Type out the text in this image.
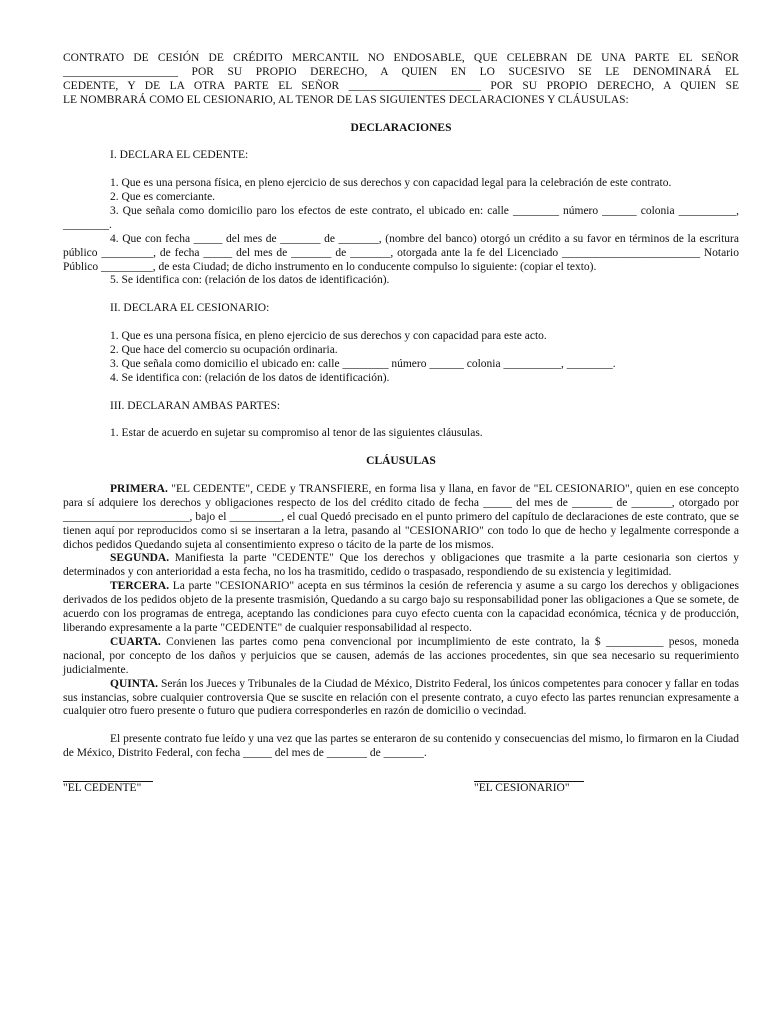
CONTRATO DE CESIÓN DE CRÉDITO MERCANTIL NO ENDOSABLE, QUE CELEBRAN DE UNA PARTE EL SEÑOR

____________________ POR SU PROPIO DERECHO, A QUIEN EN LO SUCESIVO SE LE DENOMINARÁ EL

CEDENTE, Y DE LA OTRA PARTE EL SEÑOR _______________________ POR SU PROPIO DERECHO, A QUIEN SE

LE NOMBRARÁ COMO EL CESIONARIO, AL TENOR DE LAS SIGUIENTES DECLARACIONES Y CLÁUSULAS:

DECLARACIONES

I. DECLARA EL CEDENTE:

1. Que es una persona física, en pleno ejercicio de sus derechos y con capacidad legal para la celebración de este contrato.

2. Que es comerciante.

3. Que señala como domicilio paro los efectos de este contrato, el ubicado en: calle ________ número ______ colonia __________, ________.

4. Que con fecha _____ del mes de _______ de _______, (nombre del banco) otorgó un crédito a su favor en términos de la escritura público _________, de fecha _____ del mes de _______ de _______, otorgada ante la fe del Licenciado ________________________ Notario Público _________, de esta Ciudad; de dicho instrumento en lo conducente compulso lo siguiente: (copiar el texto).

5. Se identifica con: (relación de los datos de identificación).

II. DECLARA EL CESIONARIO:

1. Que es una persona física, en pleno ejercicio de sus derechos y con capacidad para este acto.

2. Que hace del comercio su ocupación ordinaria.

3. Que señala como domicilio el ubicado en: calle ________ número ______ colonia __________, ________.

4. Se identifica con: (relación de los datos de identificación).

III. DECLARAN AMBAS PARTES:

1. Estar de acuerdo en sujetar su compromiso al tenor de las siguientes cláusulas.

CLÁUSULAS

PRIMERA. "EL CEDENTE", CEDE y TRANSFIERE, en forma lisa y llana, en favor de "EL CESIONARIO", quien en ese concepto para sí adquiere los derechos y obligaciones respecto de los del crédito citado de fecha _____ del mes de _______ de _______, otorgado por ______________________, bajo el _________, el cual Quedó precisado en el punto primero del capítulo de declaraciones de este contrato, que se tienen aquí por reproducidos como si se insertaran a la letra, pasando al "CESIONARIO" con todo lo que de hecho y legalmente corresponde a dichos pedidos Quedando sujeta al consentimiento expreso o tácito de la parte de los mismos.

SEGUNDA. Manifiesta la parte "CEDENTE" Que los derechos y obligaciones que trasmite a la parte cesionaria son ciertos y determinados y con anterioridad a esta fecha, no los ha trasmitido, cedido o traspasado, respondiendo de su existencia y legitimidad.

TERCERA. La parte "CESIONARIO" acepta en sus términos la cesión de referencia y asume a su cargo los derechos y obligaciones derivados de los pedidos objeto de la presente trasmisión, Quedando a su cargo bajo su responsabilidad poner las obligaciones a Que se somete, de acuerdo con los programas de entrega, aceptando las condiciones para cuyo efecto cuenta con la capacidad económica, técnica y de producción, liberando expresamente a la parte "CEDENTE" de cualquier responsabilidad al respecto.

CUARTA. Convienen las partes como pena convencional por incumplimiento de este contrato, la $ __________ pesos, moneda nacional, por concepto de los daños y perjuicios que se causen, además de las acciones procedentes, sin que sea necesario su requerimiento judicialmente.

QUINTA. Serán los Jueces y Tribunales de la Ciudad de México, Distrito Federal, los únicos competentes para conocer y fallar en todas sus instancias, sobre cualquier controversia Que se suscite en relación con el presente contrato, a cuyo efecto las partes renuncian expresamente a cualquier otro fuero presente o futuro que pudiera corresponderles en razón de domicilio o vecindad.

El presente contrato fue leído y una vez que las partes se enteraron de su contenido y consecuencias del mismo, lo firmaron en la Ciudad de México, Distrito Federal, con fecha _____ del mes de _______ de _______.

"EL CEDENTE"	"EL CESIONARIO"
